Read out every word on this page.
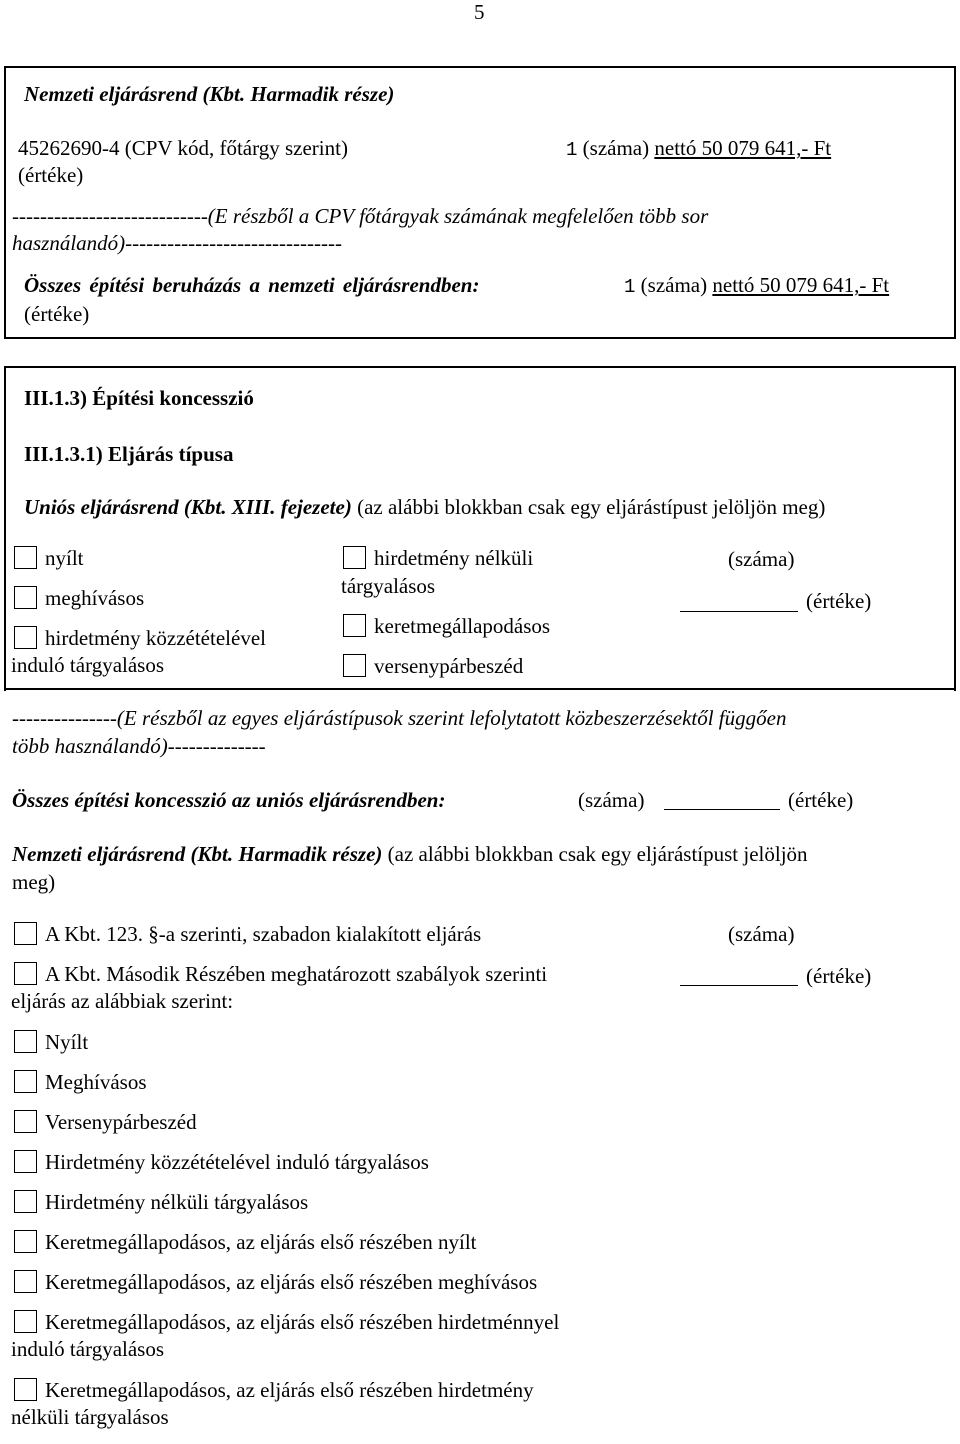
5
Nemzeti eljárásrend (Kbt. Harmadik része)
45262690-4 (CPV kód, főtárgy szerint)	1 (száma) nettó 50 079 641,- Ft
(értéke)
----------------------------(E részből a CPV főtárgyak számának megfelelően több sor
használandó)-------------------------------
Összes építési beruházás a nemzeti eljárásrendben:	1 (száma) nettó 50 079 641,- Ft
(értéke)
III.1.3) Építési koncesszió
III.1.3.1) Eljárás típusa
Uniós eljárásrend (Kbt. XIII. fejezete) (az alábbi blokkban csak egy eljárástípust jelöljön meg)
nyílt
meghívásos
hirdetmény közzétételével
induló tárgyalásos
hirdetmény nélküli
tárgyalásos
keretmegállapodásos
versenypárbeszéd
(száma)
(értéke)
---------------(E részből az egyes eljárástípusok szerint lefolytatott közbeszerzésektől függően
több használandó)--------------
Összes építési koncesszió az uniós eljárásrendben:	(száma)	(értéke)
Nemzeti eljárásrend (Kbt. Harmadik része) (az alábbi blokkban csak egy eljárástípust jelöljön
meg)
A Kbt. 123. §-a szerinti, szabadon kialakított eljárás	(száma)
A Kbt. Második Részében meghatározott szabályok szerinti
eljárás az alábbiak szerint:
(értéke)
Nyílt
Meghívásos
Versenypárbeszéd
Hirdetmény közzétételével induló tárgyalásos
Hirdetmény nélküli tárgyalásos
Keretmegállapodásos, az eljárás első részében nyílt
Keretmegállapodásos, az eljárás első részében meghívásos
Keretmegállapodásos, az eljárás első részében hirdetménnyel
induló tárgyalásos
Keretmegállapodásos, az eljárás első részében hirdetmény
nélküli tárgyalásos
